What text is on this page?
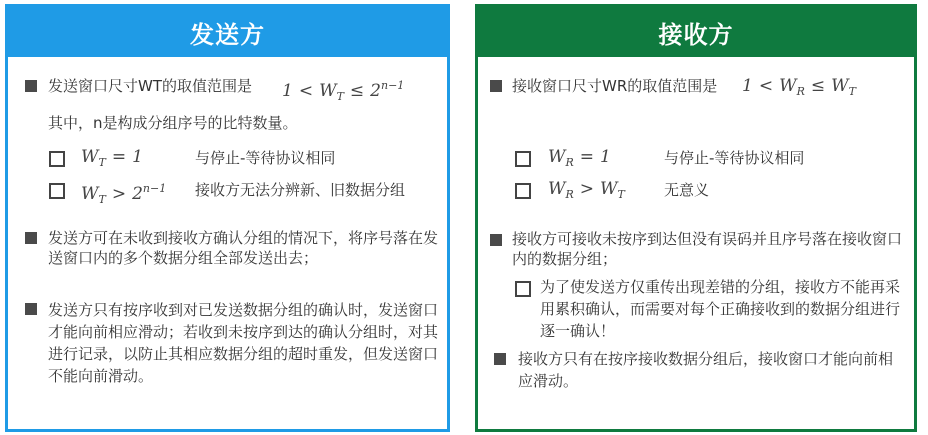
发送方
发送窗口尺寸WT的取值范围是 $1 < W_T \le 2^{n-1}$
其中，n是构成分组序号的比特数量。
$W_T = 1$	与停止-等待协议相同
$W_T > 2^{n-1}$ 接收方无法分辨新、旧数据分组
发送方可在未收到接收方确认分组的情况下，将序号落在发送窗口内的多个数据分组全部发送出去；
发送方只有按序收到对已发送数据分组的确认时，发送窗口才能向前相应滑动；若收到未按序到达的确认分组时，对其进行记录，以防止其相应数据分组的超时重发，但发送窗口不能向前滑动。
接收方
接收窗口尺寸WR的取值范围是 $1 < W_R \le W_T$
$W_R = 1$	与停止-等待协议相同
$W_R > W_T$	无意义
接收方可接收未按序到达但没有误码并且序号落在接收窗口内的数据分组；
为了使发送方仅重传出现差错的分组，接收方不能再采用累积确认，而需要对每个正确接收到的数据分组进行逐一确认！
接收方只有在按序接收数据分组后，接收窗口才能向前相应滑动。
